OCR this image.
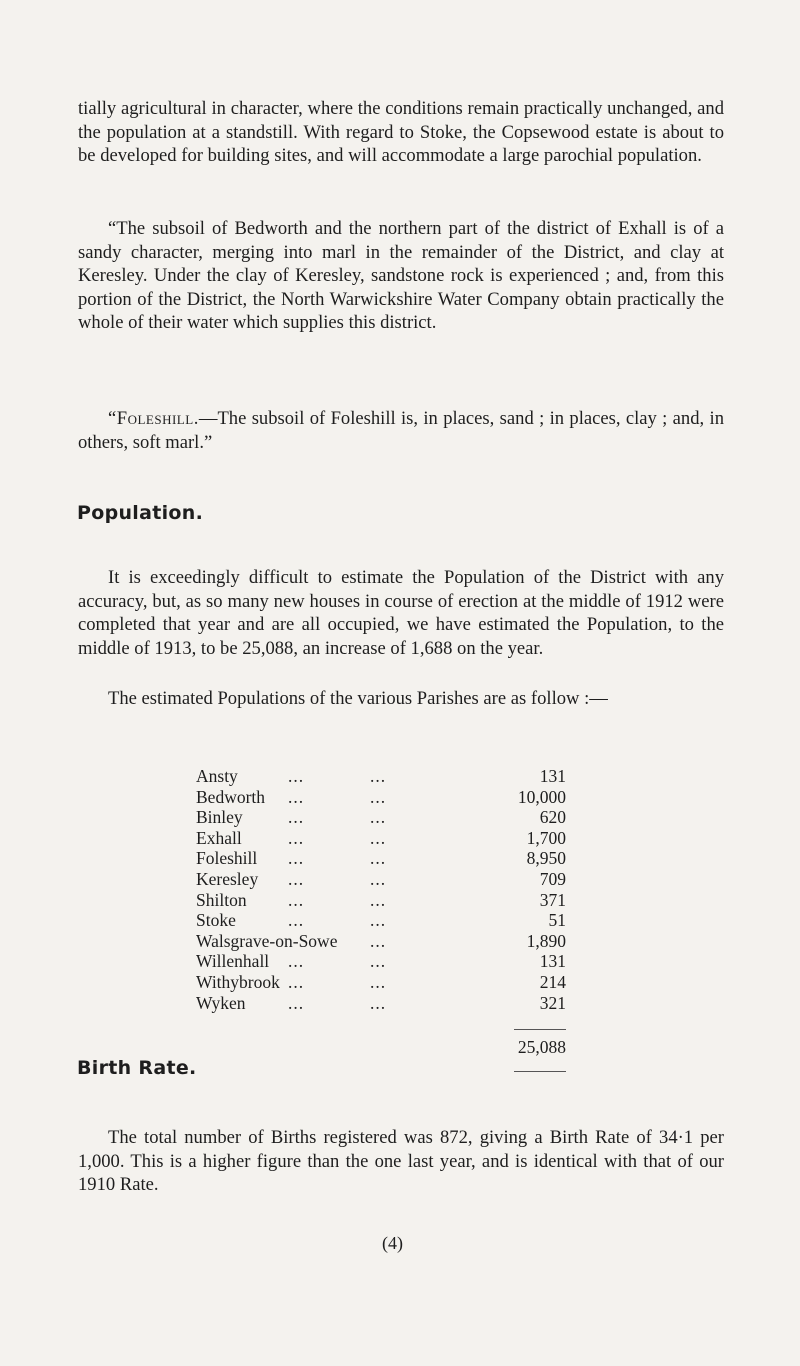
tially agricultural in character, where the conditions remain practically unchanged, and the population at a standstill. With regard to Stoke, the Copsewood estate is about to be developed for building sites, and will accommodate a large parochial population.

“The subsoil of Bedworth and the northern part of the district of Exhall is of a sandy character, merging into marl in the remainder of the District, and clay at Keresley. Under the clay of Keresley, sandstone rock is experienced ; and, from this portion of the District, the North Warwickshire Water Company obtain practically the whole of their water which supplies this district.

“Foleshill.—The subsoil of Foleshill is, in places, sand ; in places, clay ; and, in others, soft marl.”

Population.

It is exceedingly difficult to estimate the Population of the District with any accuracy, but, as so many new houses in course of erection at the middle of 1912 were completed that year and are all occupied, we have estimated the Population, to the middle of 1913, to be 25,088, an increase of 1,688 on the year.

The estimated Populations of the various Parishes are as follow :—

Ansty	...	...	131
Bedworth ...	...	10,000
Binley	...	...	620
Exhall	...	...	1,700
Foleshill ...	...	8,950
Keresley ...	...	709
Shilton ...	...	371
Stoke	...	...	51
Walsgrave-on-Sowe ...	1,890
Willenhall ...	...	131
Withybrook ...	...	214
Wyken ...	...	321
25,088
Birth Rate.

The total number of Births registered was 872, giving a Birth Rate of 34·1 per 1,000. This is a higher figure than the one last year, and is identical with that of our 1910 Rate.

(4)
